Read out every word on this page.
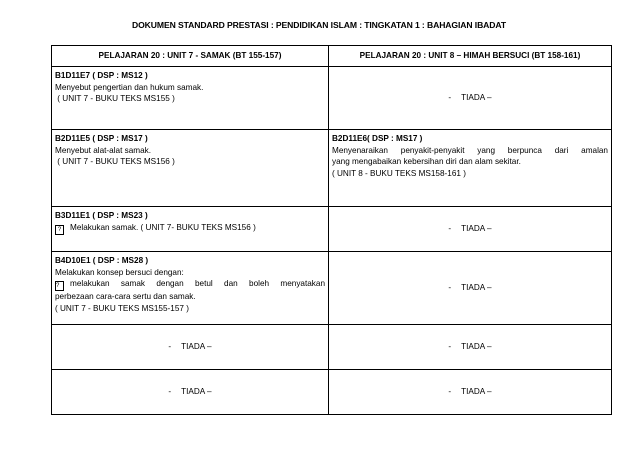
DOKUMEN STANDARD PRESTASI : PENDIDIKAN ISLAM : TINGKATAN 1 : BAHAGIAN IBADAT
PELAJARAN 20 : UNIT 7 - SAMAK (BT 155-157)	PELAJARAN 20 : UNIT 8 – HIMAH BERSUCI (BT 158-161)

B1D11E7 ( DSP : MS12 )
Menyebut pengertian dan hukum samak.
( UNIT 7 - BUKU TEKS MS155 )	- TIADA –

B2D11E5 ( DSP : MS17 )
Menyebut alat-alat samak.
( UNIT 7 - BUKU TEKS MS156 )	B2D11E6( DSP : MS17 )
Menyenaraikan penyakit-penyakit yang berpunca dari amalan
yang mengabaikan kebersihan diri dan alam sekitar.
( UNIT 8 - BUKU TEKS MS158-161 )

B3D11E1 ( DSP : MS23 )
? Melakukan samak. ( UNIT 7- BUKU TEKS MS156 )	- TIADA –

B4D10E1 ( DSP : MS28 )
Melakukan konsep bersuci dengan:
? melakukan samak dengan betul dan boleh menyatakan
perbezaan cara-cara sertu dan samak.
( UNIT 7 - BUKU TEKS MS155-157 )	- TIADA –
- TIADA –	- TIADA –
- TIADA –	- TIADA –
